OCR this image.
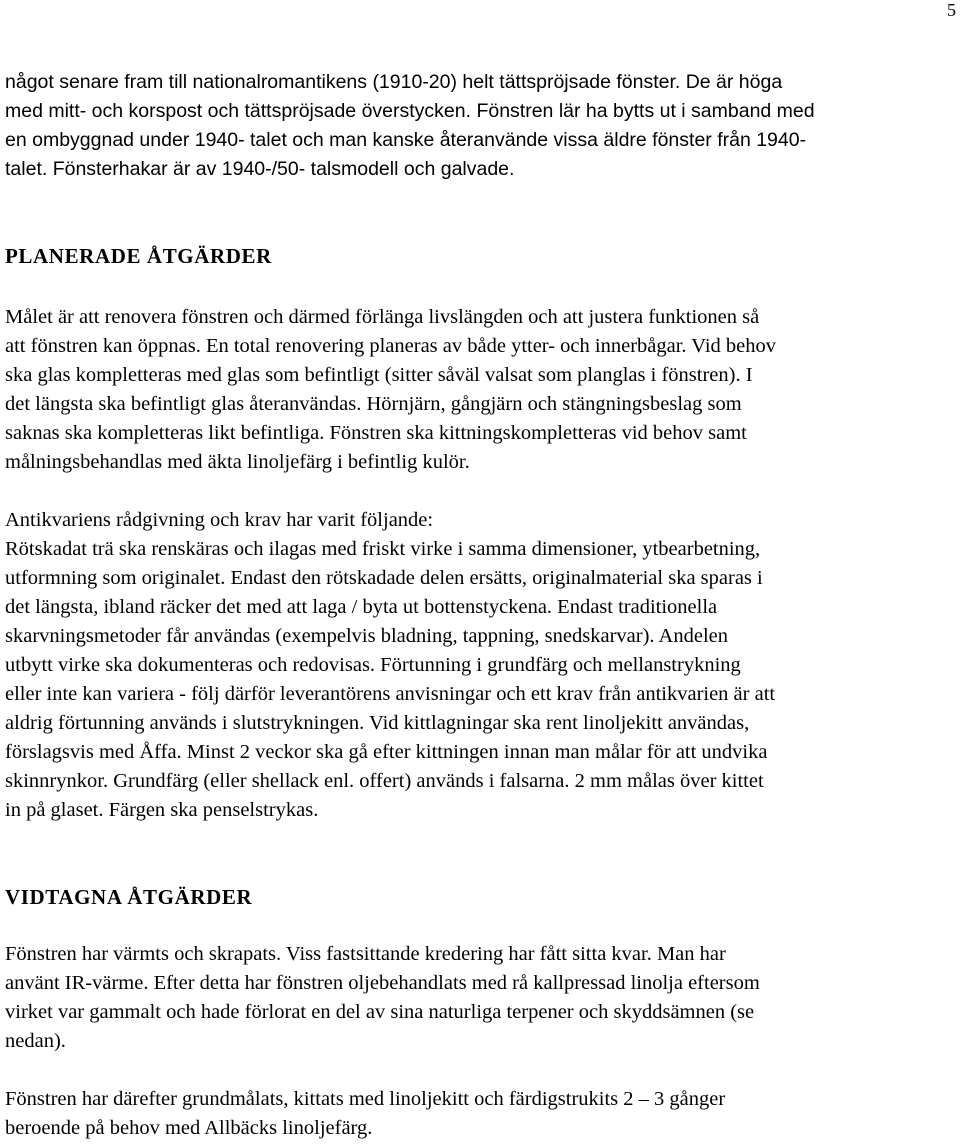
5
något senare fram till nationalromantikens (1910-20) helt tättspröjsade fönster. De är höga
med mitt- och korspost och tättspröjsade överstycken. Fönstren lär ha bytts ut i samband med
en ombyggnad under 1940- talet och man kanske återanvände vissa äldre fönster från 1940-
talet. Fönsterhakar är av 1940-/50- talsmodell och galvade.
PLANERADE ÅTGÄRDER
Målet är att renovera fönstren och därmed förlänga livslängden och att justera funktionen så
att fönstren kan öppnas. En total renovering planeras av både ytter- och innerbågar. Vid behov
ska glas kompletteras med glas som befintligt (sitter såväl valsat som planglas i fönstren). I
det längsta ska befintligt glas återanvändas. Hörnjärn, gångjärn och stängningsbeslag som
saknas ska kompletteras likt befintliga. Fönstren ska kittningskompletteras vid behov samt
målningsbehandlas med äkta linoljefärg i befintlig kulör.
Antikvariens rådgivning och krav har varit följande:
Rötskadat trä ska renskäras och ilagas med friskt virke i samma dimensioner, ytbearbetning,
utformning som originalet. Endast den rötskadade delen ersätts, originalmaterial ska sparas i
det längsta, ibland räcker det med att laga / byta ut bottenstyckena. Endast traditionella
skarvningsmetoder får användas (exempelvis bladning, tappning, snedskarvar). Andelen
utbytt virke ska dokumenteras och redovisas. Förtunning i grundfärg och mellanstrykning
eller inte kan variera - följ därför leverantörens anvisningar och ett krav från antikvarien är att
aldrig förtunning används i slutstrykningen. Vid kittlagningar ska rent linoljekitt användas,
förslagsvis med Åffa. Minst 2 veckor ska gå efter kittningen innan man målar för att undvika
skinnrynkor. Grundfärg (eller shellack enl. offert) används i falsarna. 2 mm målas över kittet
in på glaset. Färgen ska penselstrykas.
VIDTAGNA ÅTGÄRDER
Fönstren har värmts och skrapats. Viss fastsittande kredering har fått sitta kvar. Man har
använt IR-värme. Efter detta har fönstren oljebehandlats med rå kallpressad linolja eftersom
virket var gammalt och hade förlorat en del av sina naturliga terpener och skyddsämnen (se
nedan).
Fönstren har därefter grundmålats, kittats med linoljekitt och färdigstrukits 2 – 3 gånger
beroende på behov med Allbäcks linoljefärg.
